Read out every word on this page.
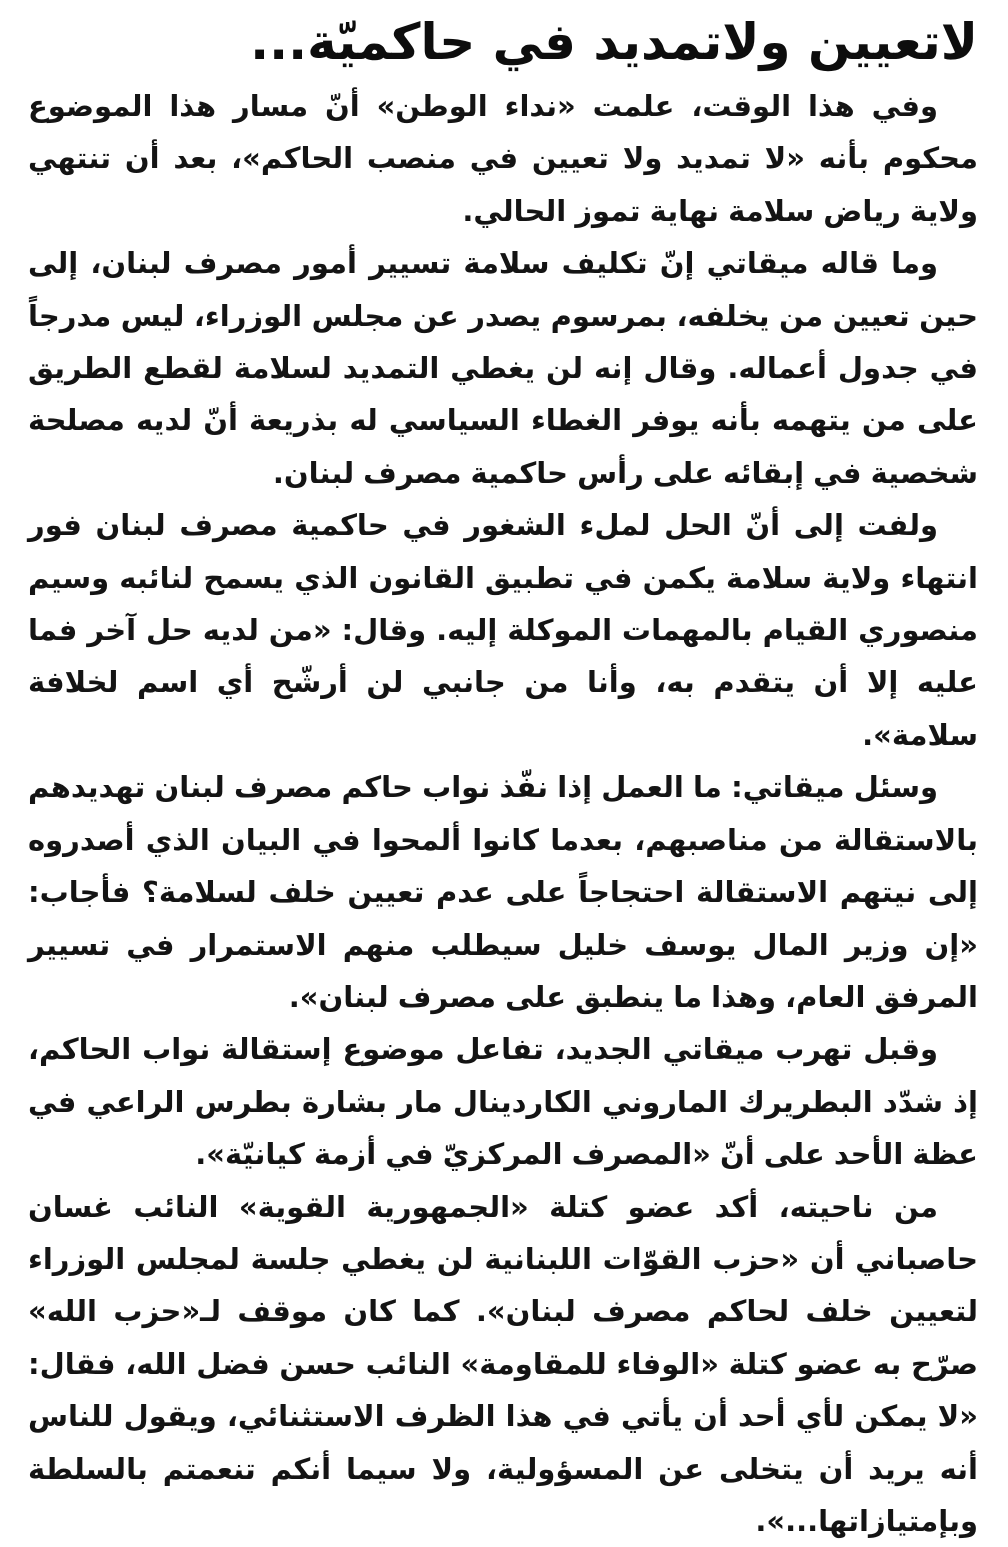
لاتعيين ولاتمديد في حاكميّة...

وفي هذا الوقت، علمت «نداء الوطن» أنّ مسار هذا الموضوع محكوم بأنه «لا تمديد ولا تعيين في منصب الحاكم»، بعد أن تنتهي ولاية رياض سلامة نهاية تموز الحالي.

وما قاله ميقاتي إنّ تكليف سلامة تسيير أمور مصرف لبنان، إلى حين تعيين من يخلفه، بمرسوم يصدر عن مجلس الوزراء، ليس مدرجاً في جدول أعماله. وقال إنه لن يغطي التمديد لسلامة لقطع الطريق على من يتهمه بأنه يوفر الغطاء السياسي له بذريعة أنّ لديه مصلحة شخصية في إبقائه على رأس حاكمية مصرف لبنان.

ولفت إلى أنّ الحل لملء الشغور في حاكمية مصرف لبنان فور انتهاء ولاية سلامة يكمن في تطبيق القانون الذي يسمح لنائبه وسيم منصوري القيام بالمهمات الموكلة إليه. وقال: «من لديه حل آخر فما عليه إلا أن يتقدم به، وأنا من جانبي لن أرشّح أي اسم لخلافة سلامة».

وسئل ميقاتي: ما العمل إذا نفّذ نواب حاكم مصرف لبنان تهديدهم بالاستقالة من مناصبهم، بعدما كانوا ألمحوا في البيان الذي أصدروه إلى نيتهم الاستقالة احتجاجاً على عدم تعيين خلف لسلامة؟ فأجاب: «إن وزير المال يوسف خليل سيطلب منهم الاستمرار في تسيير المرفق العام، وهذا ما ينطبق على مصرف لبنان».

وقبل تهرب ميقاتي الجديد، تفاعل موضوع إستقالة نواب الحاكم، إذ شدّد البطريرك الماروني الكاردينال مار بشارة بطرس الراعي في عظة الأحد على أنّ «المصرف المركزيّ في أزمة كيانيّة».

من ناحيته، أكد عضو كتلة «الجمهورية القوية» النائب غسان حاصباني أن «حزب القوّات اللبنانية لن يغطي جلسة لمجلس الوزراء لتعيين خلف لحاكم مصرف لبنان». كما كان موقف لـ«حزب الله» صرّح به عضو كتلة «الوفاء للمقاومة» النائب حسن فضل الله، فقال: «لا يمكن لأي أحد أن يأتي في هذا الظرف الاستثنائي، ويقول للناس أنه يريد أن يتخلى عن المسؤولية، ولا سيما أنكم تنعمتم بالسلطة وبإمتيازاتها...».
